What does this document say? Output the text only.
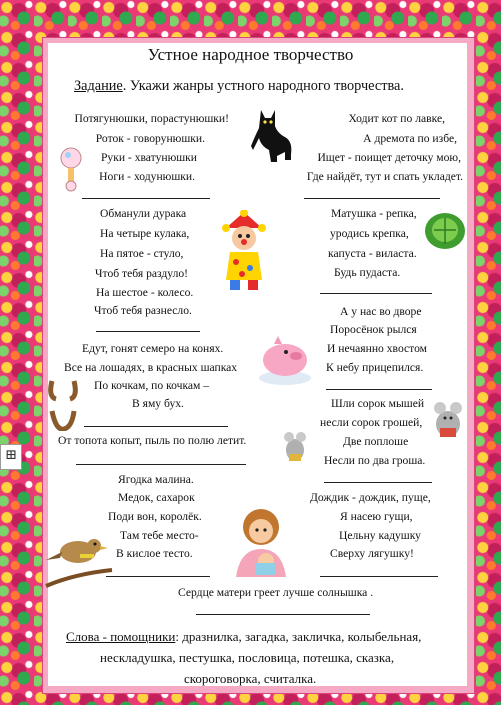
⊞
Устное народное творчество
Задание. Укажи жанры устного народного творчества.
Потягунюшки, порастунюшки!
Роток - говорунюшки.
Руки - хватунюшки
Ноги - ходунюшки.
Ходит кот по лавке,
А дремота по избе,
Ищет - поищет деточку мою,
Где найдёт, тут и спать укладет.
Обманули дурака
На четыре кулака,
На пятое - стуло,
Чтоб тебя раздуло!
На шестое - колесо.
Чтоб тебя разнесло.
Матушка - репка,
уродись крепка,
капуста - виласта.
Будь пудаста.
Едут, гонят семеро на конях.
Все на лошадях, в красных шапках
По кочкам, по кочкам –
В яму бух.
А у нас во дворе
Поросёнок рылся
И нечаянно хвостом
К небу прицепился.
От топота копыт, пыль по полю летит.
Шли сорок мышей
несли сорок грошей,
Две поплоше
Несли по два гроша.
Ягодка малина.
Медок, сахарок
Поди вон, королёк.
Там тебе место-
В кислое тесто.
Дождик - дождик, пуще,
Я насею гущи,
Цельну кадушку
Сверху лягушку!
Сердце матери греет лучше солнышка .
Слова - помощники: дразнилка, загадка, закличка, колыбельная,
нескладушка, пестушка, пословица, потешка, сказка,
скороговорка, считалка.
